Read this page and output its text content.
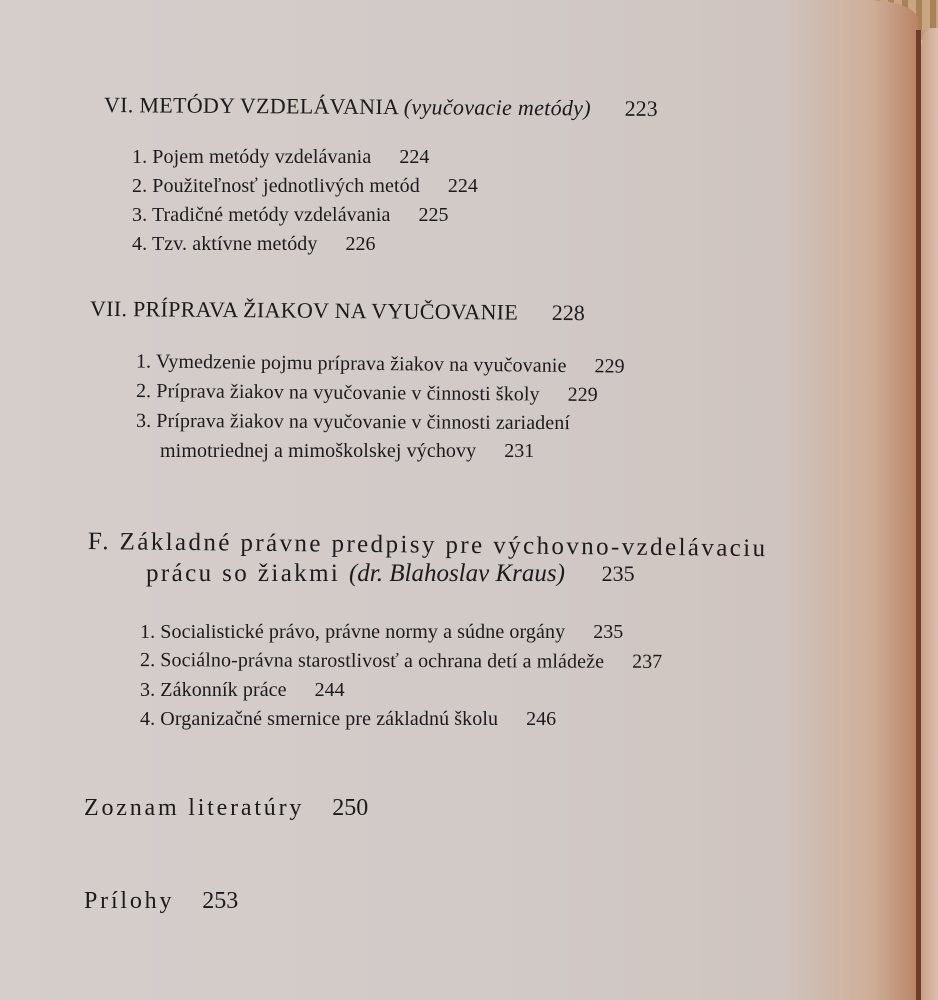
VI. METÓDY VZDELÁVANIA (vyučovacie metódy) 223
1. Pojem metódy vzdelávania 224
2. Použiteľnosť jednotlivých metód 224
3. Tradičné metódy vzdelávania 225
4. Tzv. aktívne metódy 226
VII. PRÍPRAVA ŽIAKOV NA VYUČOVANIE 228
1. Vymedzenie pojmu príprava žiakov na vyučovanie 229
2. Príprava žiakov na vyučovanie v činnosti školy 229
3. Príprava žiakov na vyučovanie v činnosti zariadení
mimotriednej a mimoškolskej výchovy 231
F. Základné právne predpisy pre výchovno-vzdelávaciu
prácu so žiakmi (dr. Blahoslav Kraus) 235
1. Socialistické právo, právne normy a súdne orgány 235
2. Sociálno-právna starostlivosť a ochrana detí a mládeže 237
3. Zákonník práce 244
4. Organizačné smernice pre základnú školu 246
Zoznam literatúry 250
Prílohy 253
